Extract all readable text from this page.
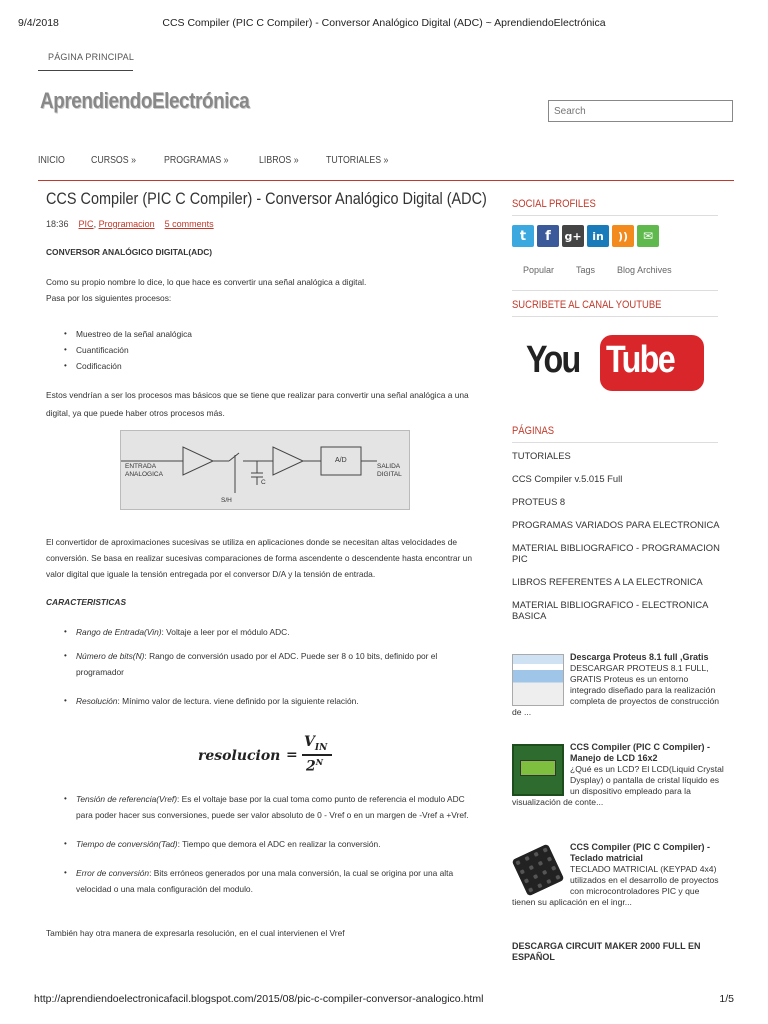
9/4/2018	CCS Compiler (PIC C Compiler) - Conversor Analógico Digital (ADC) ~ AprendiendoElectrónica
PÁGINA PRINCIPAL
AprendiendoElectrónica
Search
INICIO	CURSOS »	PROGRAMAS »	LIBROS »	TUTORIALES »
CCS Compiler (PIC C Compiler) - Conversor Analógico Digital (ADC)
18:36 PIC, Programacion 5 comments
CONVERSOR ANALÓGICO DIGITAL(ADC)
Como su propio nombre lo dice, lo que hace es convertir una señal analógica a digital.
Pasa por los siguientes procesos:
• Muestreo de la señal analógica
• Cuantificación
• Codificación
Estos vendrían a ser los procesos mas básicos que se tiene que realizar para convertir una señal analógica a una digital, ya que puede haber otros procesos más.
ENTRADA
ANALOGICA
C
S/H
A/D
SALIDA
DIGITAL
El convertidor de aproximaciones sucesivas se utiliza en aplicaciones donde se necesitan altas velocidades de conversión. Se basa en realizar sucesivas comparaciones de forma ascendente o descendente hasta encontrar un valor digital que iguale la tensión entregada por el conversor D/A y la tensión de entrada.
CARACTERISTICAS
• Rango de Entrada(Vin): Voltaje a leer por el módulo ADC.
• Número de bits(N): Rango de conversión usado por el ADC. Puede ser 8 o 10 bits, definido por el programador
• Resolución: Mínimo valor de lectura. viene definido por la siguiente relación.
resolucion =
$V_{IN}$
$2^N$
• Tensión de referencia(Vref): Es el voltaje base por la cual toma como punto de referencia el modulo ADC para poder hacer sus conversiones, puede ser valor absoluto de 0 - Vref o en un margen de -Vref a +Vref.
• Tiempo de conversión(Tad): Tiempo que demora el ADC en realizar la conversión.
• Error de conversión: Bits erróneos generados por una mala conversión, la cual se origina por una alta velocidad o una mala configuración del modulo.
También hay otra manera de expresarla resolución, en el cual intervienen el Vref
SOCIAL PROFILES
t	f	g+ in	))	✉
Popular Tags Blog Archives
SUCRIBETE AL CANAL YOUTUBE
You Tube
PÁGINAS
TUTORIALES
CCS Compiler v.5.015 Full
PROTEUS 8
PROGRAMAS VARIADOS PARA ELECTRONICA
MATERIAL BIBLIOGRAFICO - PROGRAMACION PIC
LIBROS REFERENTES A LA ELECTRONICA
MATERIAL BIBLIOGRAFICO - ELECTRONICA BASICA
Descarga Proteus 8.1 full ,Gratis
DESCARGAR PROTEUS 8.1 FULL, GRATIS Proteus es un entorno integrado diseñado para la realización completa de proyectos de construcción de ...
CCS Compiler (PIC C Compiler) - Manejo de LCD 16x2
¿Qué es un LCD? El LCD(Liquid Crystal Dysplay) o pantalla de cristal líquido es un dispositivo empleado para la visualización de conte...
CCS Compiler (PIC C Compiler) - Teclado matricial
TECLADO MATRICIAL (KEYPAD 4x4) utilizados en el desarrollo de proyectos con microcontroladores PIC y que tienen su aplicación en el ingr...
DESCARGA CIRCUIT MAKER 2000 FULL EN ESPAÑOL
http://aprendiendoelectronicafacil.blogspot.com/2015/08/pic-c-compiler-conversor-analogico.html	1/5
